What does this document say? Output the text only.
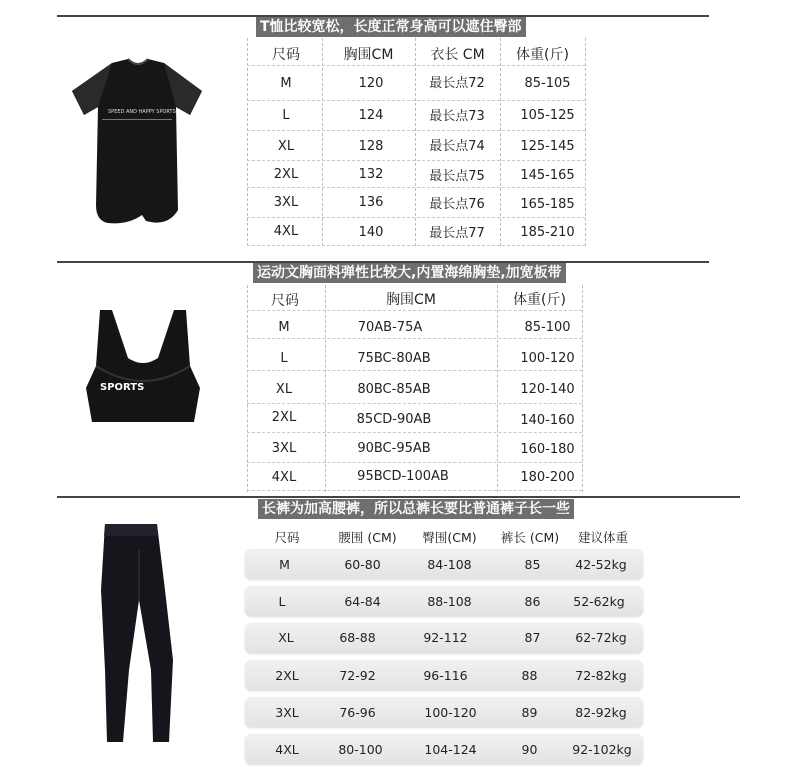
T恤比较宽松，长度正常身高可以遮住臀部
SPEED AND HAPPY SPORTS
尺码	胸围CM	衣长 CM	体重(斤)
M	120	最长点72	85-105
L	124	最长点73	105-125
XL	128	最长点74	125-145
2XL	132	最长点75	145-165
3XL	136	最长点76	165-185
4XL	140	最长点77	185-210
运动文胸面料弹性比较大,内置海绵胸垫,加宽板带
SPORTS
尺码	胸围CM	体重(斤)
M	70AB-75A	85-100
L	75BC-80AB	100-120
XL	80BC-85AB	120-140
2XL	85CD-90AB	140-160
3XL	90BC-95AB	160-180
4XL	95BCD-100AB	180-200
长裤为加高腰裤，所以总裤长要比普通裤子长一些
尺码	腰围 (CM)	臀围(CM)	裤长 (CM)	建议体重
M	60-80	84-108	85	42-52kg
L	64-84	88-108	86	52-62kg
XL	68-88	92-112	87	62-72kg
2XL	72-92	96-116	88	72-82kg
3XL	76-96	100-120	89	82-92kg
4XL	80-100	104-124	90	92-102kg
